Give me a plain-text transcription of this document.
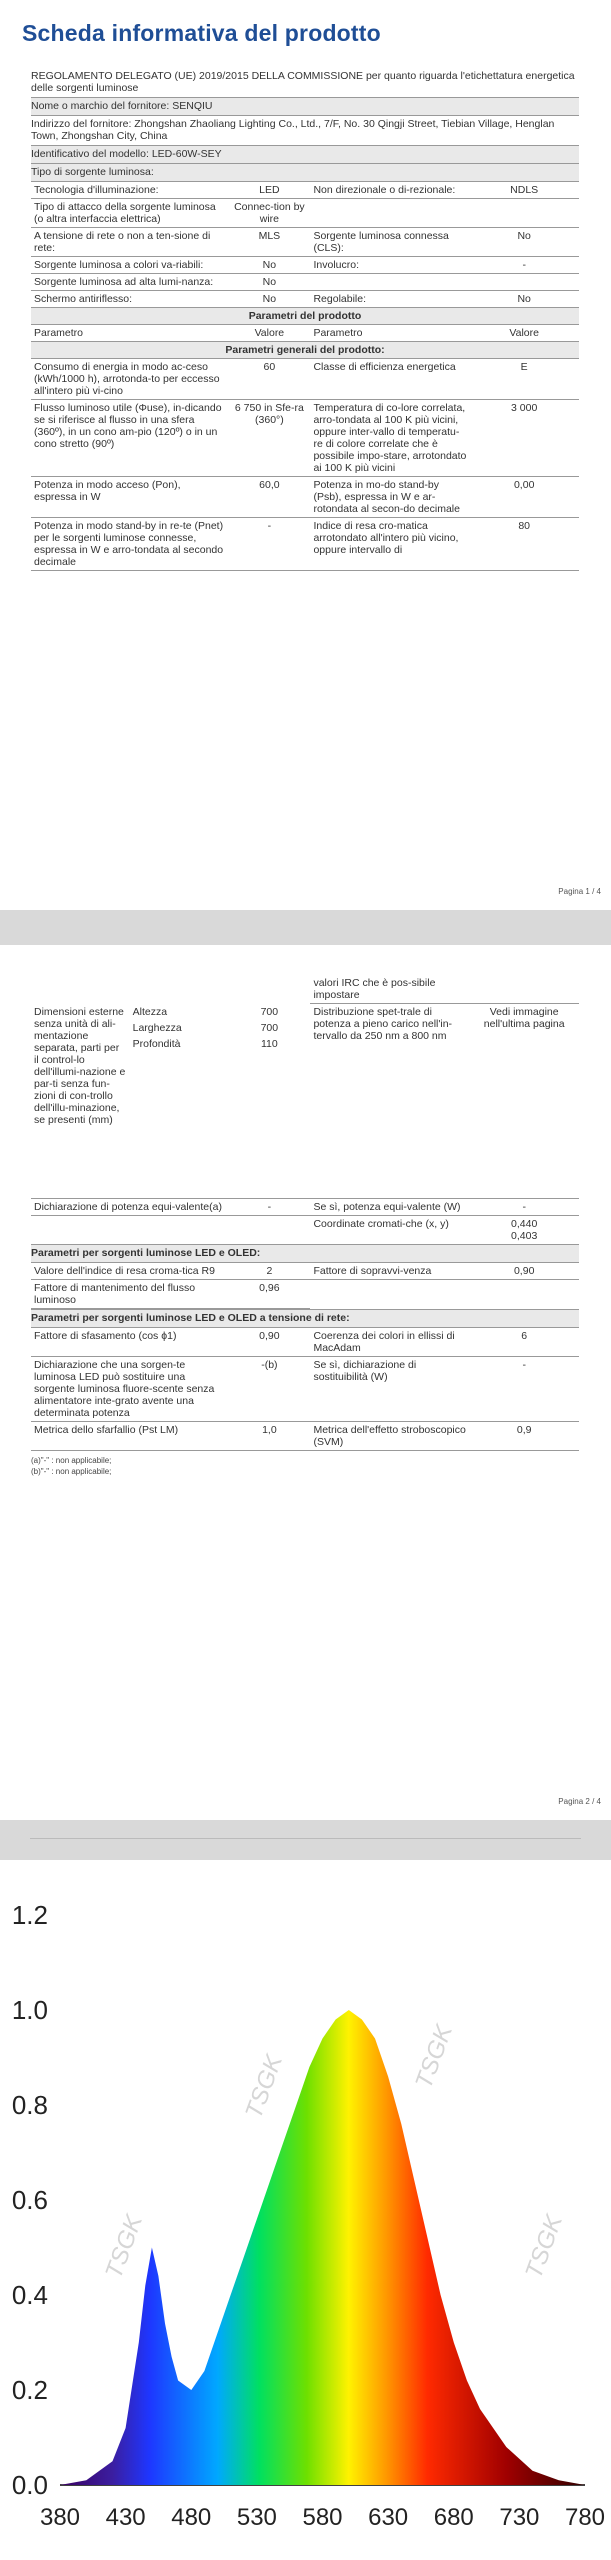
Scheda informativa del prodotto
REGOLAMENTO DELEGATO (UE) 2019/2015 DELLA COMMISSIONE per quanto riguarda l'etichettatura energetica delle sorgenti luminose
Nome o marchio del fornitore: SENQIU
Indirizzo del fornitore: Zhongshan Zhaoliang Lighting Co., Ltd., 7/F, No. 30 Qingji Street, Tiebian Village, Henglan Town, Zhongshan City, China
Identificativo del modello: LED-60W-SEY
Tipo di sorgente luminosa:
Tecnologia d'illuminazione:	LED	Non direzionale o di-rezionale:	NDLS
Tipo di attacco della sorgente luminosa
(o altra interfaccia elettrica)	Connec-tion by wire		
A tensione di rete o non a ten-sione di rete:	MLS	Sorgente luminosa connessa (CLS):	No
Sorgente luminosa a colori va-riabili:	No	Involucro:	-
Sorgente luminosa ad alta lumi-nanza:	No		
Schermo antiriflesso:	No	Regolabile:	No
Parametri del prodotto
Parametro	Valore	Parametro	Valore
Parametri generali del prodotto:
Consumo di energia in modo ac-ceso (kWh/1000 h), arrotonda-to per eccesso all'intero più vi-cino	60	Classe di efficienza energetica	E
Flusso luminoso utile (Φuse), in-dicando se si riferisce al flusso in una sfera (360º), in un cono am-pio (120º) o in un cono stretto (90º)	6 750 in Sfe-ra (360°)	Temperatura di co-lore correlata, arro-tondata al 100 K più vicini, oppure inter-vallo di temperatu-re di colore correlate che è possibile impo-stare, arrotondato ai 100 K più vicini	3 000
Potenza in modo acceso (Pon), espressa in W	60,0	Potenza in mo-do stand-by (Psb), espressa in W e ar-rotondata al secon-do decimale	0,00
Potenza in modo stand-by in re-te (Pnet) per le sorgenti luminose connesse, espressa in W e arro-tondata al secondo decimale	-	Indice di resa cro-matica arrotondato all'intero più vicino, oppure intervallo di	80
Pagina 1 / 4
			valori IRC che è pos-sibile impostare	
Dimensioni esterne senza unità di ali-mentazione separata, parti per il control-lo dell'illumi-nazione e par-ti senza fun-zioni di con-trollo dell'illu-minazione, se presenti (mm)	Altezza	700	Distribuzione spet-trale di potenza a pieno carico nell'in-tervallo da 250 nm a 800 nm	Vedi immagine nell'ultima pagina
	Larghezza	700		
	Profondità	110		
Dichiarazione di potenza equi-valente(a)	-	Se sì, potenza equi-valente (W)	-
		Coordinate cromati-che (x, y)	0,440
0,403
Parametri per sorgenti luminose LED e OLED:
Valore dell'indice di resa croma-tica R9	2	Fattore di sopravvi-venza	0,90
Fattore di mantenimento del flusso luminoso	0,96		
Parametri per sorgenti luminose LED e OLED a tensione di rete:
Fattore di sfasamento (cos ϕ1)	0,90	Coerenza dei colori in ellissi di MacAdam	6
Dichiarazione che una sorgen-te luminosa LED può sostituire una sorgente luminosa fluore-scente senza alimentatore inte-grato avente una determinata potenza	-(b)	Se sì, dichiarazione di sostituibilità (W)	-
Metrica dello sfarfallio (Pst LM)	1,0	Metrica dell'effetto stroboscopico (SVM)	0,9
(a)"-" : non applicabile;
(b)"-" : non applicabile;
Pagina 2 / 4
TSGK
TSGK	TSGK
TSGK
0.0
0.2
0.4
0.6
0.8
1.0
1.2
380 430 480 530 580 630 680 730 780
